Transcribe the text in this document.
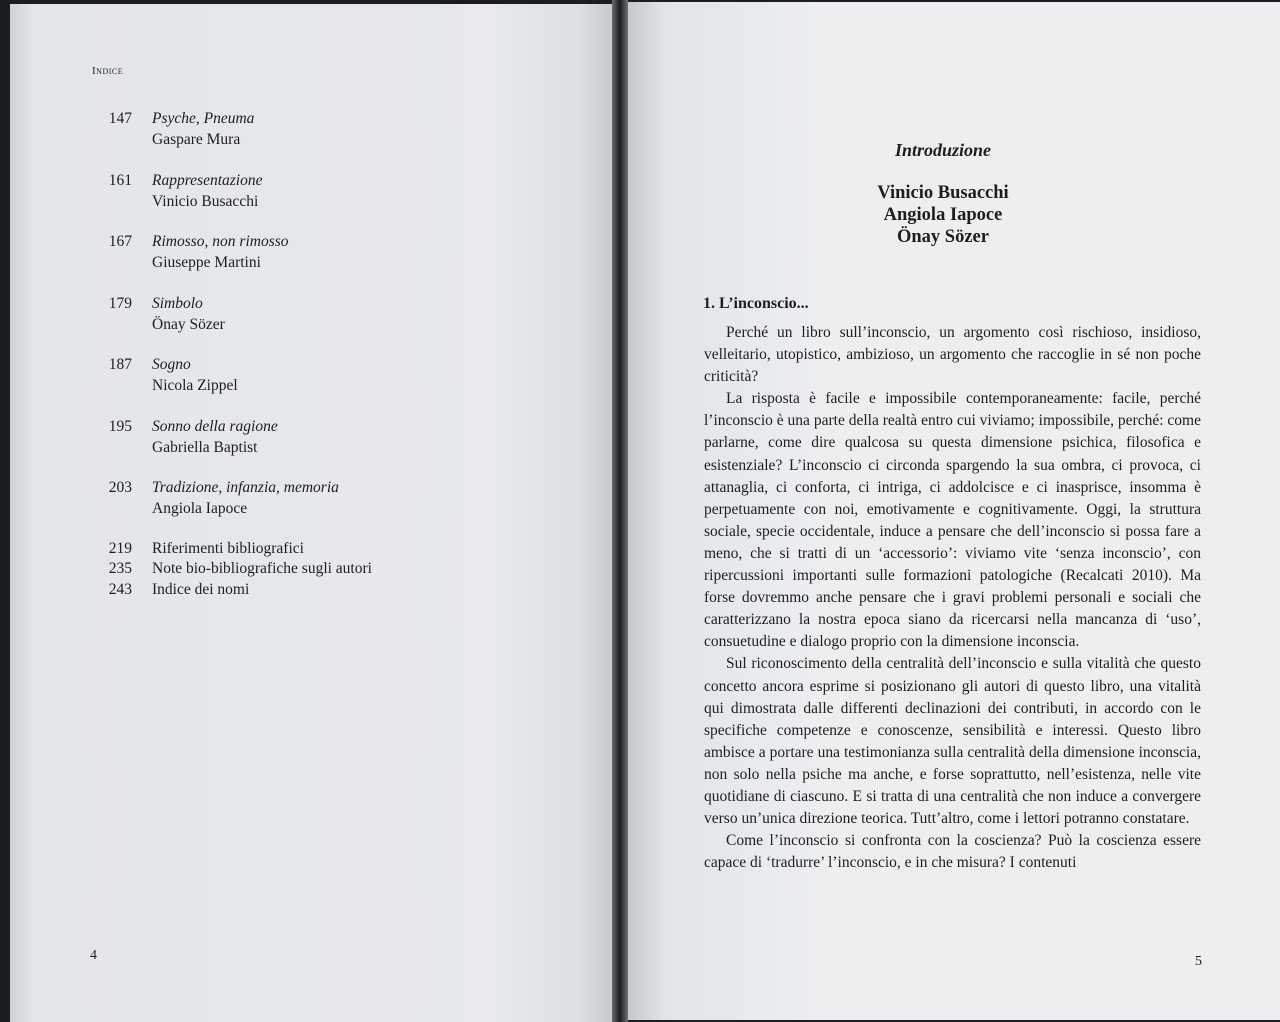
Indice
147 Psyche, Pneuma
Gaspare Mura
161 Rappresentazione
Vinicio Busacchi
167 Rimosso, non rimosso
Giuseppe Martini
179 Simbolo
Önay Sözer
187 Sogno
Nicola Zippel
195 Sonno della ragione
Gabriella Baptist
203 Tradizione, infanzia, memoria
Angiola Iapoce
219 Riferimenti bibliografici
235 Note bio-bibliografiche sugli autori
243 Indice dei nomi
4
Introduzione
Vinicio Busacchi
Angiola Iapoce
Önay Sözer
1. L’inconscio...

Perché un libro sull’inconscio, un argomento così rischioso, insidioso, velleitario, utopistico, ambizioso, un argomento che raccoglie in sé non poche criticità?

La risposta è facile e impossibile contemporaneamente: facile, perché l’inconscio è una parte della realtà entro cui viviamo; impossibile, perché: come parlarne, come dire qualcosa su questa dimensione psichica, filosofica e esistenziale? L’inconscio ci circonda spargendo la sua ombra, ci provoca, ci attanaglia, ci conforta, ci intriga, ci addolcisce e ci inasprisce, insomma è perpetuamente con noi, emotivamente e cognitivamente. Oggi, la struttura sociale, specie occidentale, induce a pensare che dell’inconscio si possa fare a meno, che si tratti di un ‘accessorio’: viviamo vite ‘senza inconscio’, con ripercussioni importanti sulle formazioni patologiche (Recalcati 2010). Ma forse dovremmo anche pensare che i gravi problemi personali e sociali che caratterizzano la nostra epoca siano da ricercarsi nella mancanza di ‘uso’, consuetudine e dialogo proprio con la dimensione inconscia.

Sul riconoscimento della centralità dell’inconscio e sulla vitalità che questo concetto ancora esprime si posizionano gli autori di questo libro, una vitalità qui dimostrata dalle differenti declinazioni dei contributi, in accordo con le specifiche competenze e conoscenze, sensibilità e interessi. Questo libro ambisce a portare una testimonianza sulla centralità della dimensione inconscia, non solo nella psiche ma anche, e forse soprattutto, nell’esistenza, nelle vite quotidiane di ciascuno. E si tratta di una centralità che non induce a convergere verso un’unica direzione teorica. Tutt’altro, come i lettori potranno constatare.

Come l’inconscio si confronta con la coscienza? Può la coscienza essere capace di ‘tradurre’ l’inconscio, e in che misura? I contenuti

5
